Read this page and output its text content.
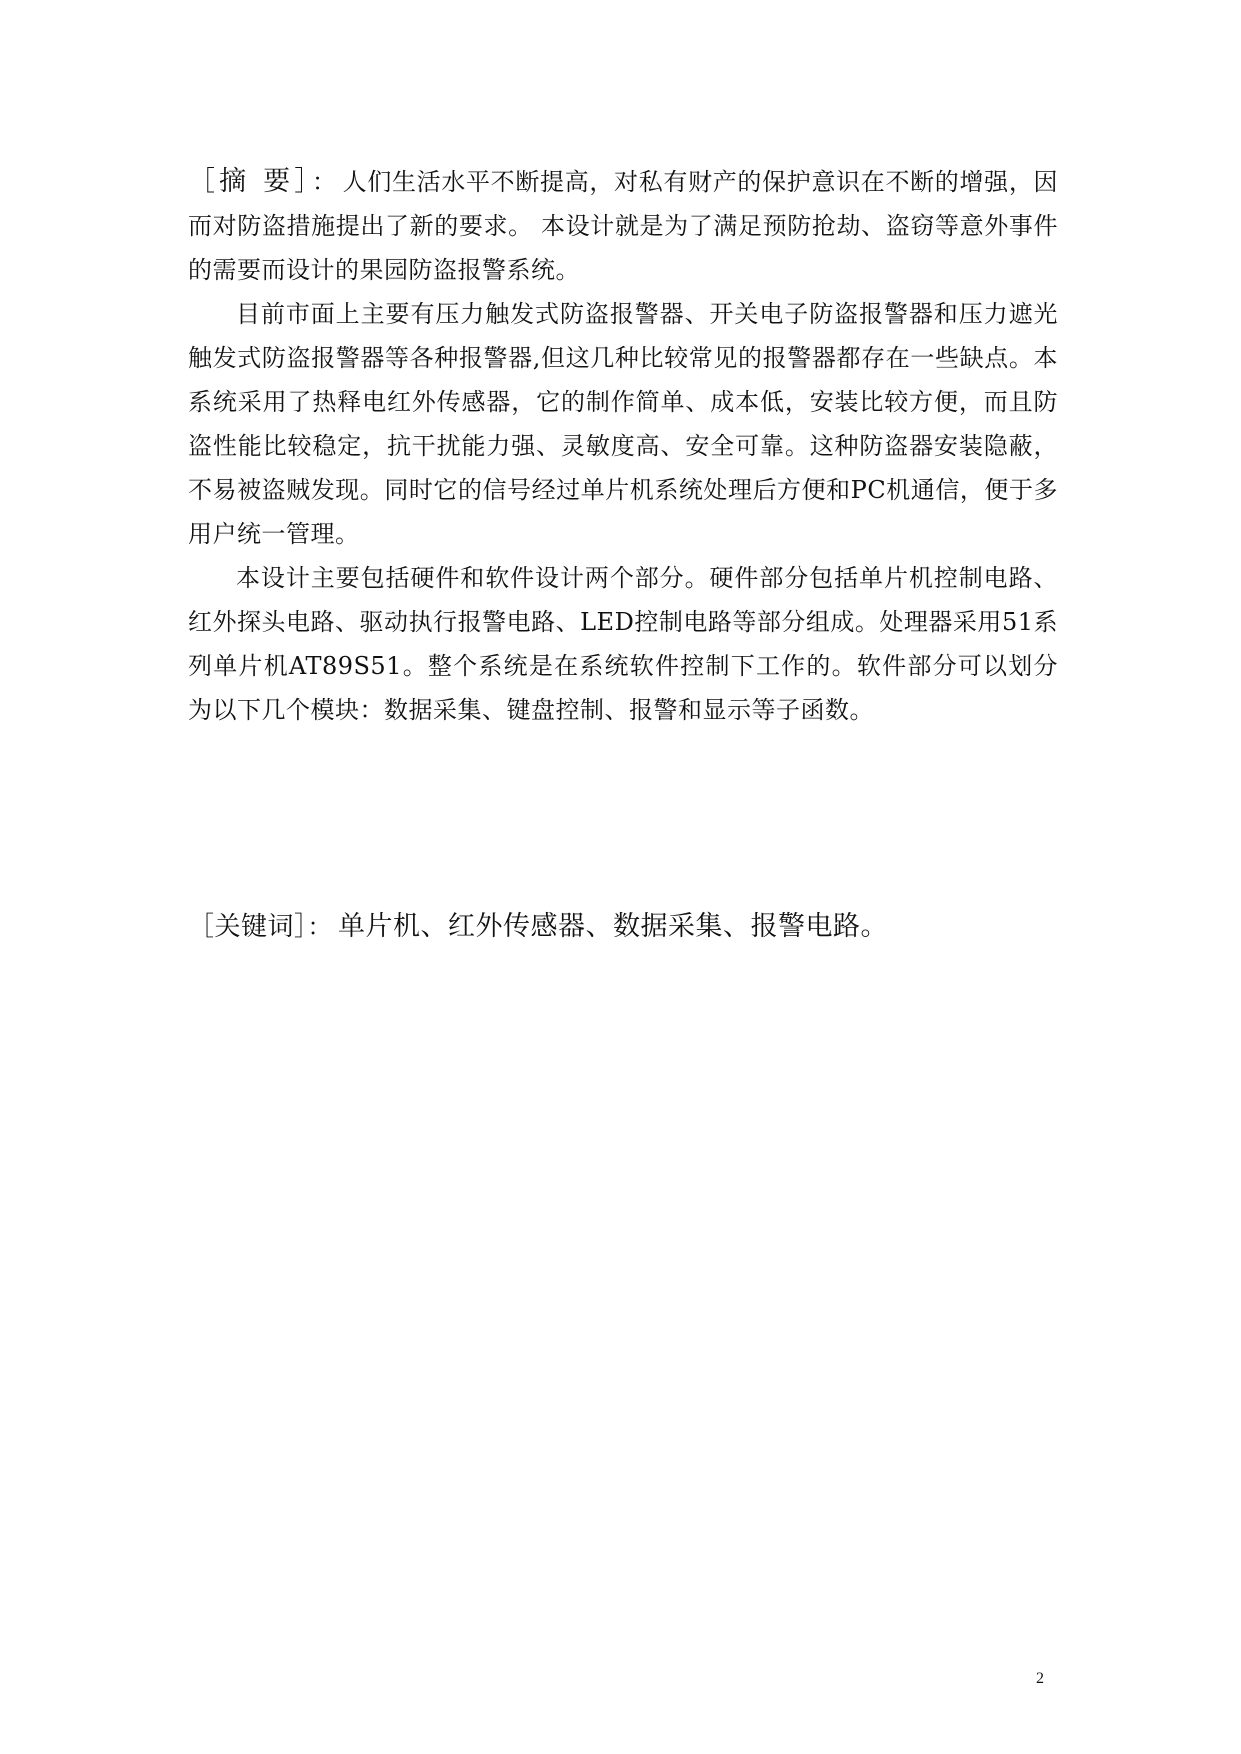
［摘 要］： 人们生活水平不断提高，对私有财产的保护意识在不断的增强，因而对防盗措施提出了新的要求。 本设计就是为了满足预防抢劫、盗窃等意外事件的需要而设计的果园防盗报警系统。

目前市面上主要有压力触发式防盗报警器、开关电子防盗报警器和压力遮光触发式防盗报警器等各种报警器,但这几种比较常见的报警器都存在一些缺点。本系统采用了热释电红外传感器，它的制作简单、成本低，安装比较方便，而且防盗性能比较稳定，抗干扰能力强、灵敏度高、安全可靠。这种防盗器安装隐蔽，不易被盗贼发现。同时它的信号经过单片机系统处理后方便和PC机通信，便于多用户统一管理。

本设计主要包括硬件和软件设计两个部分。硬件部分包括单片机控制电路、红外探头电路、驱动执行报警电路、LED控制电路等部分组成。处理器采用51系列单片机AT89S51。整个系统是在系统软件控制下工作的。软件部分可以划分为以下几个模块：数据采集、键盘控制、报警和显示等子函数。

［关键词］： 单片机、红外传感器、数据采集、报警电路。
2
